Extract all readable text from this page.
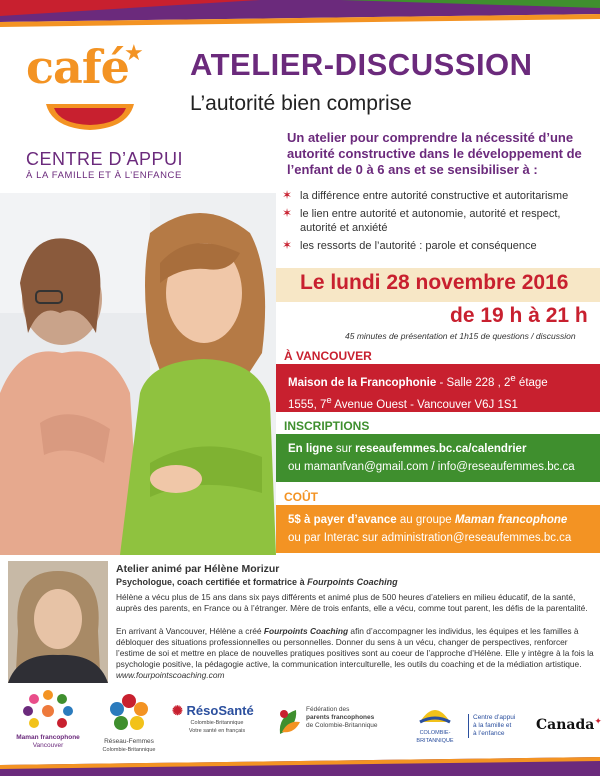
café
★
CENTRE D’APPUI
À LA FAMILLE ET À L’ENFANCE
ATELIER-DISCUSSION
L’autorité bien comprise
Un atelier pour comprendre la nécessité d’une autorité constructive dans le développement de l’enfant de 0 à 6 ans et se sensibiliser à :
✶ la différence entre autorité constructive et autoritarisme
✶ le lien entre autorité et autonomie, autorité et respect, autorité et anxiété
✶ les ressorts de l’autorité : parole et conséquence
Le lundi 28 novembre 2016
de 19 h à 21 h
45 minutes de présentation et 1h15 de questions / discussion
À VANCOUVER
Maison de la Francophonie - Salle 228 , 2e étage
1555, 7e Avenue Ouest - Vancouver V6J 1S1
INSCRIPTIONS
En ligne sur reseaufemmes.bc.ca/calendrier
ou mamanfvan@gmail.com / info@reseaufemmes.bc.ca
COÛT
5$ à payer d’avance au groupe Maman francophone
ou par Interac sur administration@reseaufemmes.bc.ca
Atelier animé par Hélène Morizur
Psychologue, coach certifiée et formatrice à Fourpoints Coaching
Hélène a vécu plus de 15 ans dans six pays différents et animé plus de 500 heures d’ateliers en milieu éducatif, de la santé, auprès des parents, en France ou à l’étranger. Mère de trois enfants, elle a vécu, comme tout parent, les défis de la parentalité.
En arrivant à Vancouver, Hélène a créé Fourpoints Coaching afin d’accompagner les individus, les équipes et les familles à débloquer des situations professionnelles ou personnelles. Donner du sens à un vécu, changer de perspectives, renforcer l’estime de soi et mettre en place de nouvelles pratiques positives sont au coeur de l’approche d’Hélène. Elle y intègre à la fois la psychologie positive, la pédagogie active, la communication interculturelle, les outils du coaching et de la médiation artistique. www.fourpointscoaching.com
Maman francophone
Vancouver
Réseau-Femmes
Colombie-Britannique
✺ RésoSanté
Colombie-Britannique
Votre santé en français
Fédération des
parents francophones
de Colombie-Britannique
COLOMBIE-
BRITANNIQUE
Centre d’appui
à la famille et
à l’enfance
Canada✦
